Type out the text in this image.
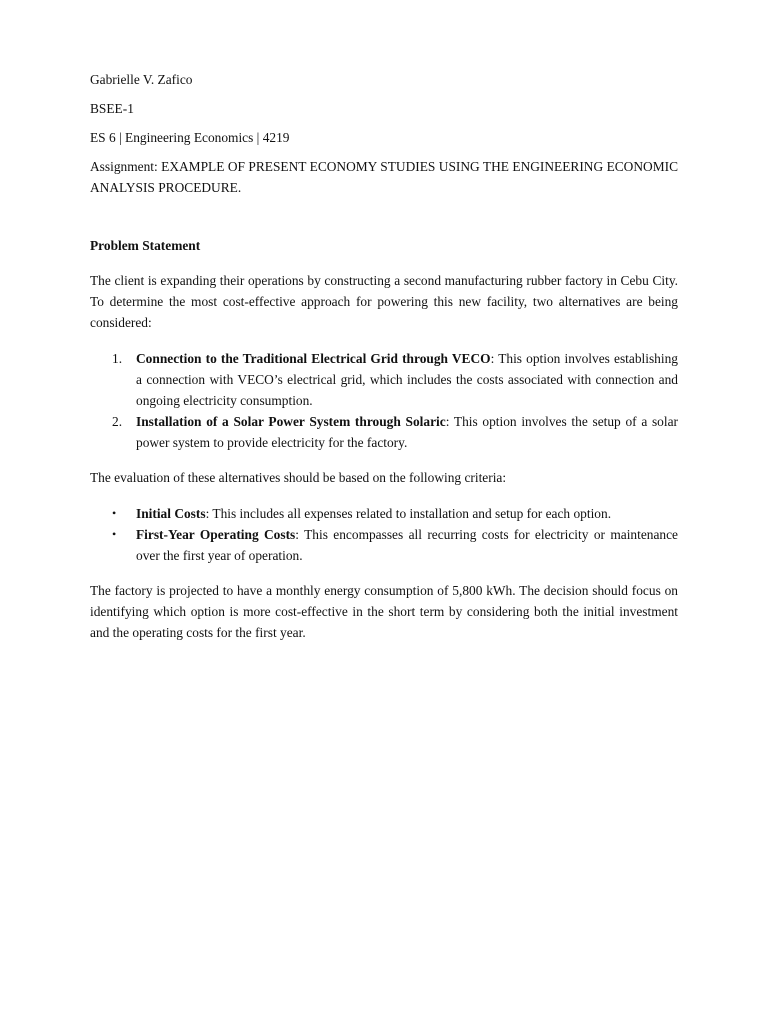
Gabrielle V. Zafico
BSEE-1
ES 6 | Engineering Economics | 4219
Assignment: EXAMPLE OF PRESENT ECONOMY STUDIES USING THE ENGINEERING ECONOMIC ANALYSIS PROCEDURE.
Problem Statement
The client is expanding their operations by constructing a second manufacturing rubber factory in Cebu City. To determine the most cost-effective approach for powering this new facility, two alternatives are being considered:
1. Connection to the Traditional Electrical Grid through VECO: This option involves establishing a connection with VECO’s electrical grid, which includes the costs associated with connection and ongoing electricity consumption.
2. Installation of a Solar Power System through Solaric: This option involves the setup of a solar power system to provide electricity for the factory.
The evaluation of these alternatives should be based on the following criteria:
• Initial Costs: This includes all expenses related to installation and setup for each option.
• First-Year Operating Costs: This encompasses all recurring costs for electricity or maintenance over the first year of operation.
The factory is projected to have a monthly energy consumption of 5,800 kWh. The decision should focus on identifying which option is more cost-effective in the short term by considering both the initial investment and the operating costs for the first year.
